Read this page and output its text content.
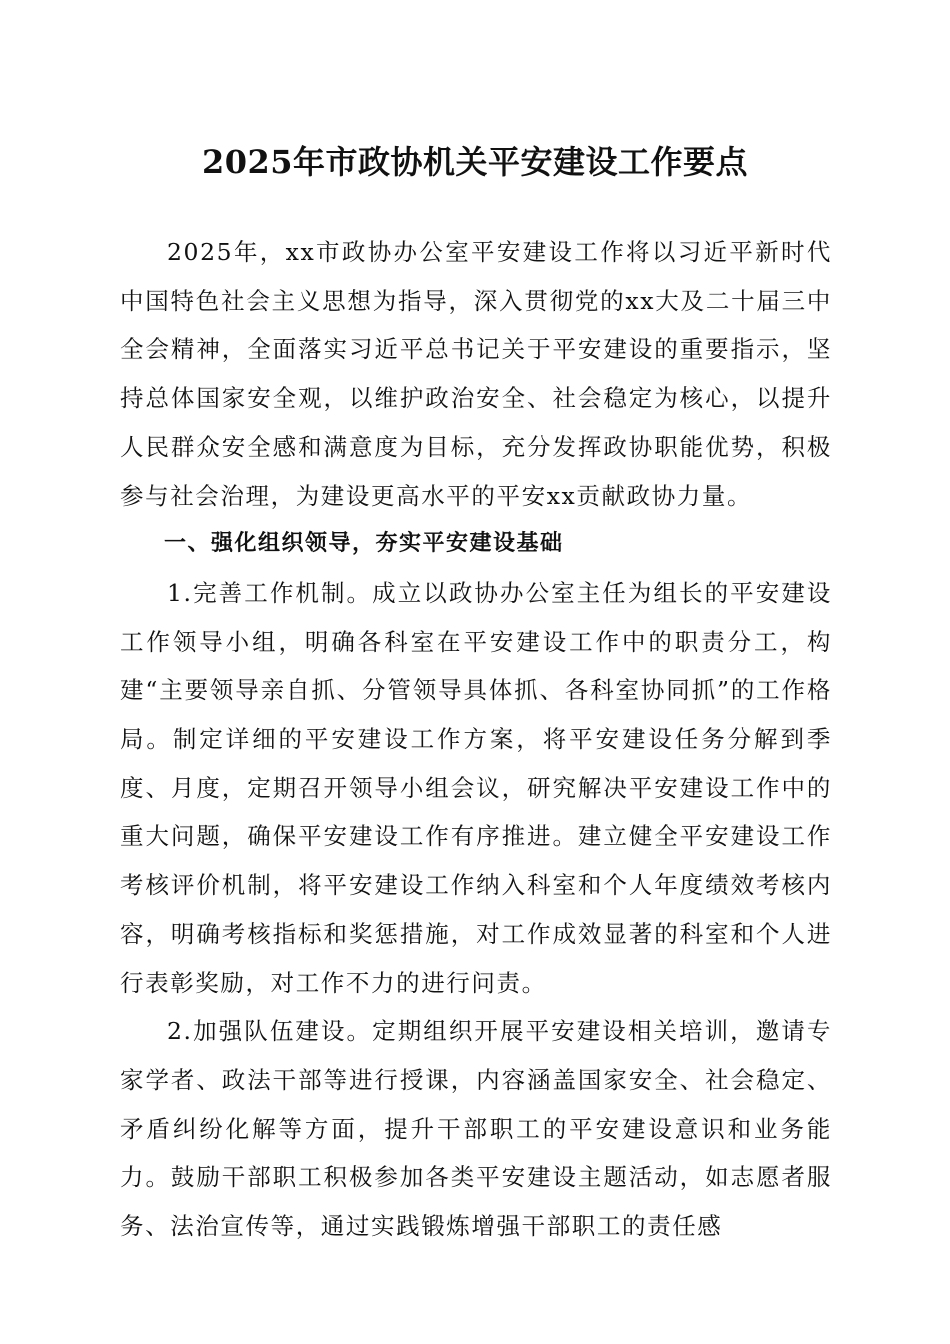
2025年市政协机关平安建设工作要点

2025年，xx市政协办公室平安建设工作将以习近平新时代中国特色社会主义思想为指导，深入贯彻党的xx大及二十届三中全会精神，全面落实习近平总书记关于平安建设的重要指示，坚持总体国家安全观，以维护政治安全、社会稳定为核心，以提升人民群众安全感和满意度为目标，充分发挥政协职能优势，积极参与社会治理，为建设更高水平的平安xx贡献政协力量。

一、强化组织领导，夯实平安建设基础

1.完善工作机制。成立以政协办公室主任为组长的平安建设工作领导小组，明确各科室在平安建设工作中的职责分工，构建“主要领导亲自抓、分管领导具体抓、各科室协同抓”的工作格局。制定详细的平安建设工作方案，将平安建设任务分解到季度、月度，定期召开领导小组会议，研究解决平安建设工作中的重大问题，确保平安建设工作有序推进。建立健全平安建设工作考核评价机制，将平安建设工作纳入科室和个人年度绩效考核内容，明确考核指标和奖惩措施，对工作成效显著的科室和个人进行表彰奖励，对工作不力的进行问责。

2.加强队伍建设。定期组织开展平安建设相关培训，邀请专家学者、政法干部等进行授课，内容涵盖国家安全、社会稳定、矛盾纠纷化解等方面，提升干部职工的平安建设意识和业务能力。鼓励干部职工积极参加各类平安建设主题活动，如志愿者服务、法治宣传等，通过实践锻炼增强干部职工的责任感
